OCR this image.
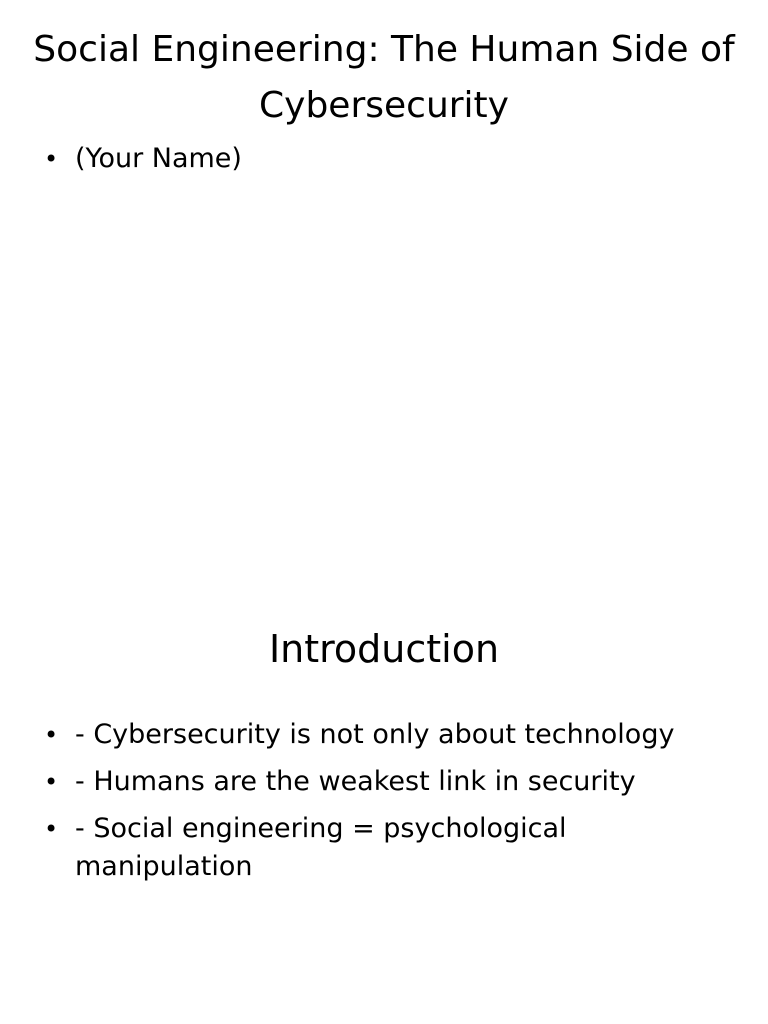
Social Engineering: The Human Side of Cybersecurity
• (Your Name)
Introduction
• - Cybersecurity is not only about technology
• - Humans are the weakest link in security
• - Social engineering = psychological manipulation
